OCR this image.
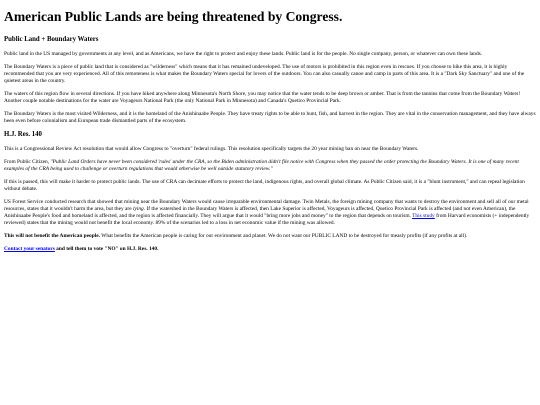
American Public Lands are being threatened by Congress.
Public Land + Boundary Waters

Public land in the US managed by governments at any level, and as Americans, we have the right to protect and enjoy these lands. Public land is for the people. No single company, person, or whatever can own these lands.

The Boundary Waters is a piece of public land that is considered as "wilderness" which means that it has remained undeveloped. The use of motors is prohibited in this region even in rescues. If you choose to hike this area, it is highly recommended that you are very experienced. All of this remoteness is what makes the Boundary Waters special for lovers of the outdoors. You can also casually canoe and camp in parts of this area. It is a "Dark Sky Sanctuary" and one of the quietest areas in the country.

The waters of this region flow in several directions. If you have hiked anywhere along Minnesota's North Shore, you may notice that the water tends to be deep brown or amber. That is from the tannins that come from the Boundary Waters! Another couple notable destinations for the water are Voyageurs National Park (the only National Park in Minnesota) and Canada's Quetico Provincial Park.

The Boundary Waters is the most visited Wilderness, and it is the homeland of the Anishinaabe People. They have treaty rights to be able to hunt, fish, and harvest in the region. They are vital in the conservation management, and they have always been even before colonialism and European trade dismantled parts of the ecosystem.

H.J. Res. 140

This is a Congressional Review Act resolution that would allow Congress to "overturn" federal rulings. This resolution specifically targets the 20 year mining ban on near the Boundary Waters.

From Public Citizen, "Public Land Orders have never been considered 'rules' under the CRA, so the Biden administration didn't file notice with Congress when they passed the order protecting the Boundary Waters. It is one of many recent examples of the CRA being used to challenge or overturn regulations that would otherwise be well outside statutory review."

If this is passed, this will make it harder to protect public lands. The use of CRA can decimate efforts to protect the land, indigenous rights, and overall global climate. As Public Citizen said, it is a "blunt instrument," and can repeal legislation without debate.

US Forest Service conducted research that showed that mining near the Boundary Waters would cause irreparable environmental damage. Twin Metals, the foreign mining company that wants to destroy the environment and sell all of our metal resources, states that it wouldn't harm the area, but they are lying. If the watershed in the Boundary Waters is affected, then Lake Superior is affected, Voyageurs is affected, Quetico Provincial Park is affected (and not even American), the Anishinaabe People's food and homeland is affected, and the region is affected financially. They will argue that it would "bring more jobs and money" to the region that depends on tourism. This study from Harvard economists (+ independently reviewed) states that the mining would not benefit the local economy. 89% of the scenarios led to a loss in net economic value if the mining was allowed.

This will not benefit the American people. What benefits the American people is caring for our environment and planet. We do not want our PUBLIC LAND to be destroyed for measly profits (if any profits at all).

Contact your senators and tell them to vote "NO" on H.J. Res. 140.
